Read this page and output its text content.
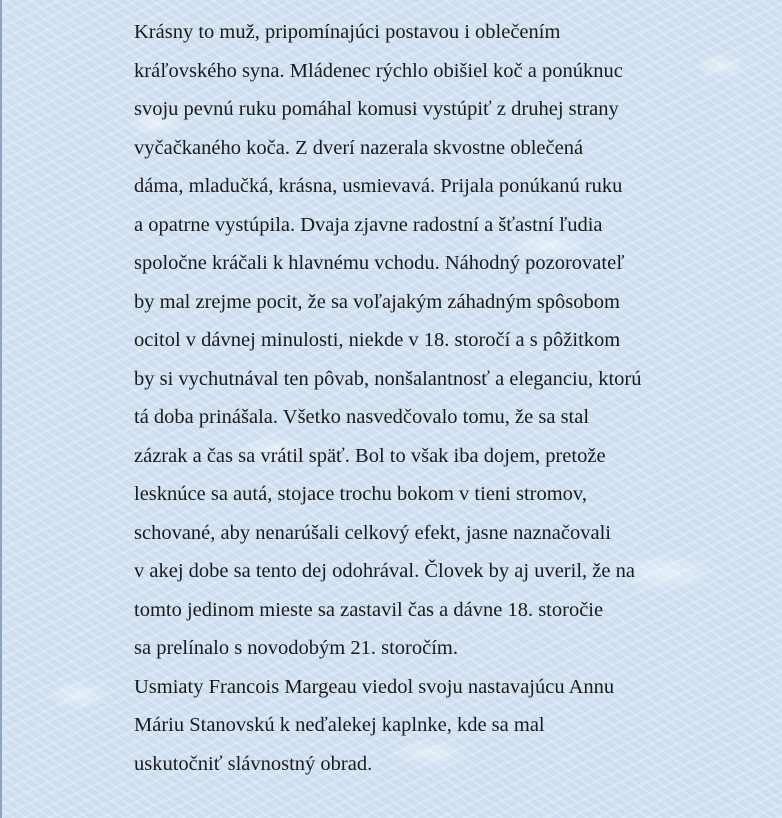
Krásny to muž, pripomínajúci postavou i oblečením
kráľovského syna. Mládenec rýchlo obišiel koč a ponúknuc
svoju pevnú ruku pomáhal komusi vystúpiť z druhej strany
vyčačkaného koča. Z dverí nazerala skvostne oblečená
dáma, mladučká, krásna, usmievavá. Prijala ponúkanú ruku
a opatrne vystúpila. Dvaja zjavne radostní a šťastní ľudia
spoločne kráčali k hlavnému vchodu. Náhodný pozorovateľ
by mal zrejme pocit, že sa voľajakým záhadným spôsobom
ocitol v dávnej minulosti, niekde v 18. storočí a s pôžitkom
by si vychutnával ten pôvab, nonšalantnosť a eleganciu, ktorú
tá doba prinášala. Všetko nasvedčovalo tomu, že sa stal
zázrak a čas sa vrátil späť. Bol to však iba dojem, pretože
lesknúce sa autá, stojace trochu bokom v tieni stromov,
schované, aby nenarúšali celkový efekt, jasne naznačovali
v akej dobe sa tento dej odohrával. Človek by aj uveril, že na
tomto jedinom mieste sa zastavil čas a dávne 18. storočie
sa prelínalo s novodobým 21. storočím.
Usmiaty Francois Margeau viedol svoju nastavajúcu Annu
Máriu Stanovskú k neďalekej kaplnke, kde sa mal
uskutočniť slávnostný obrad.
